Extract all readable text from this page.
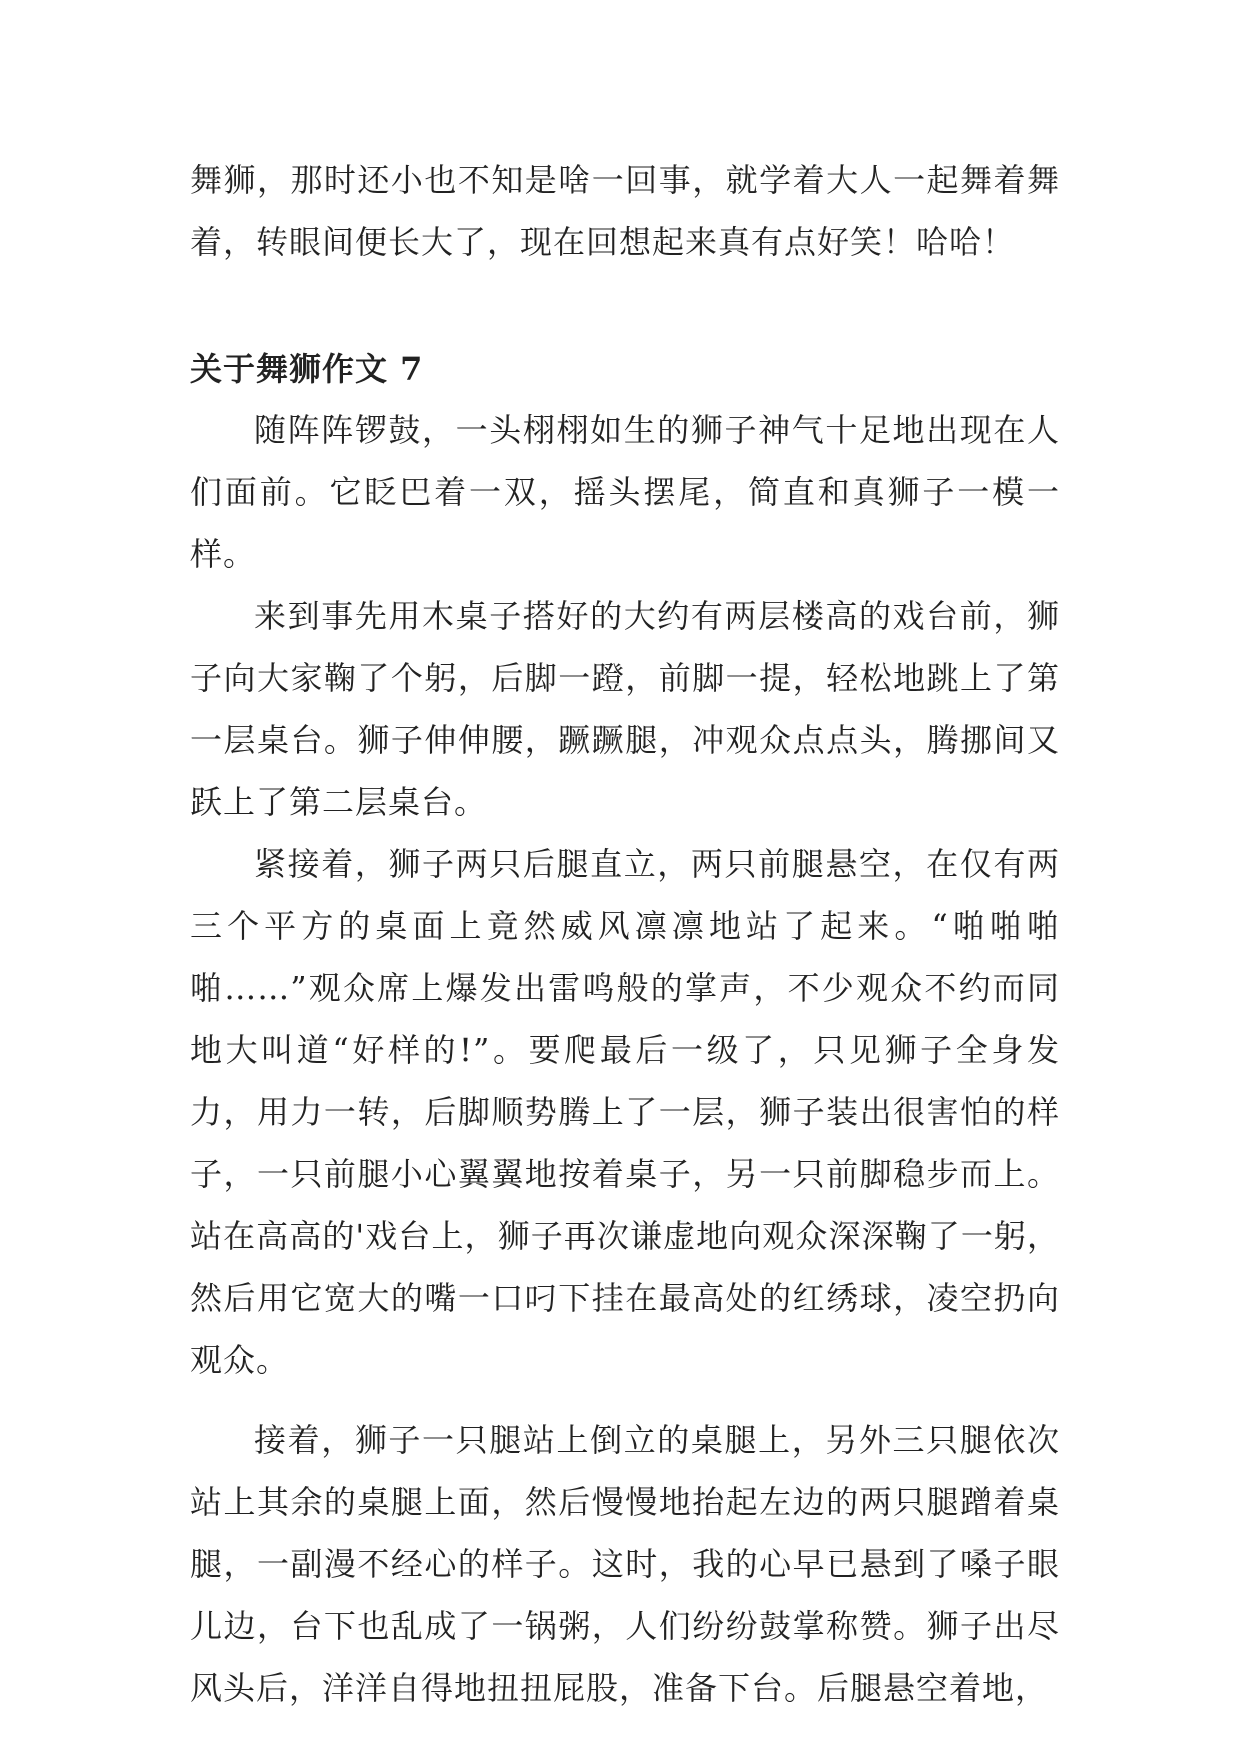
舞狮，那时还小也不知是啥一回事，就学着大人一起舞着舞着，转眼间便长大了，现在回想起来真有点好笑！哈哈！

关于舞狮作文 7

随阵阵锣鼓，一头栩栩如生的狮子神气十足地出现在人们面前。它眨巴着一双，摇头摆尾，简直和真狮子一模一样。

来到事先用木桌子搭好的大约有两层楼高的戏台前，狮子向大家鞠了个躬，后脚一蹬，前脚一提，轻松地跳上了第一层桌台。狮子伸伸腰，蹶蹶腿，冲观众点点头，腾挪间又跃上了第二层桌台。

紧接着，狮子两只后腿直立，两只前腿悬空，在仅有两三个平方的桌面上竟然威风凛凛地站了起来。“啪啪啪啪……”观众席上爆发出雷鸣般的掌声，不少观众不约而同地大叫道“好样的!”。要爬最后一级了，只见狮子全身发力，用力一转，后脚顺势腾上了一层，狮子装出很害怕的样子，一只前腿小心翼翼地按着桌子，另一只前脚稳步而上。站在高高的'戏台上，狮子再次谦虚地向观众深深鞠了一躬，然后用它宽大的嘴一口叼下挂在最高处的红绣球，凌空扔向观众。

接着，狮子一只腿站上倒立的桌腿上，另外三只腿依次站上其余的桌腿上面，然后慢慢地抬起左边的两只腿蹭着桌腿，一副漫不经心的样子。这时，我的心早已悬到了嗓子眼儿边，台下也乱成了一锅粥，人们纷纷鼓掌称赞。狮子出尽风头后，洋洋自得地扭扭屁股，准备下台。后腿悬空着地，
